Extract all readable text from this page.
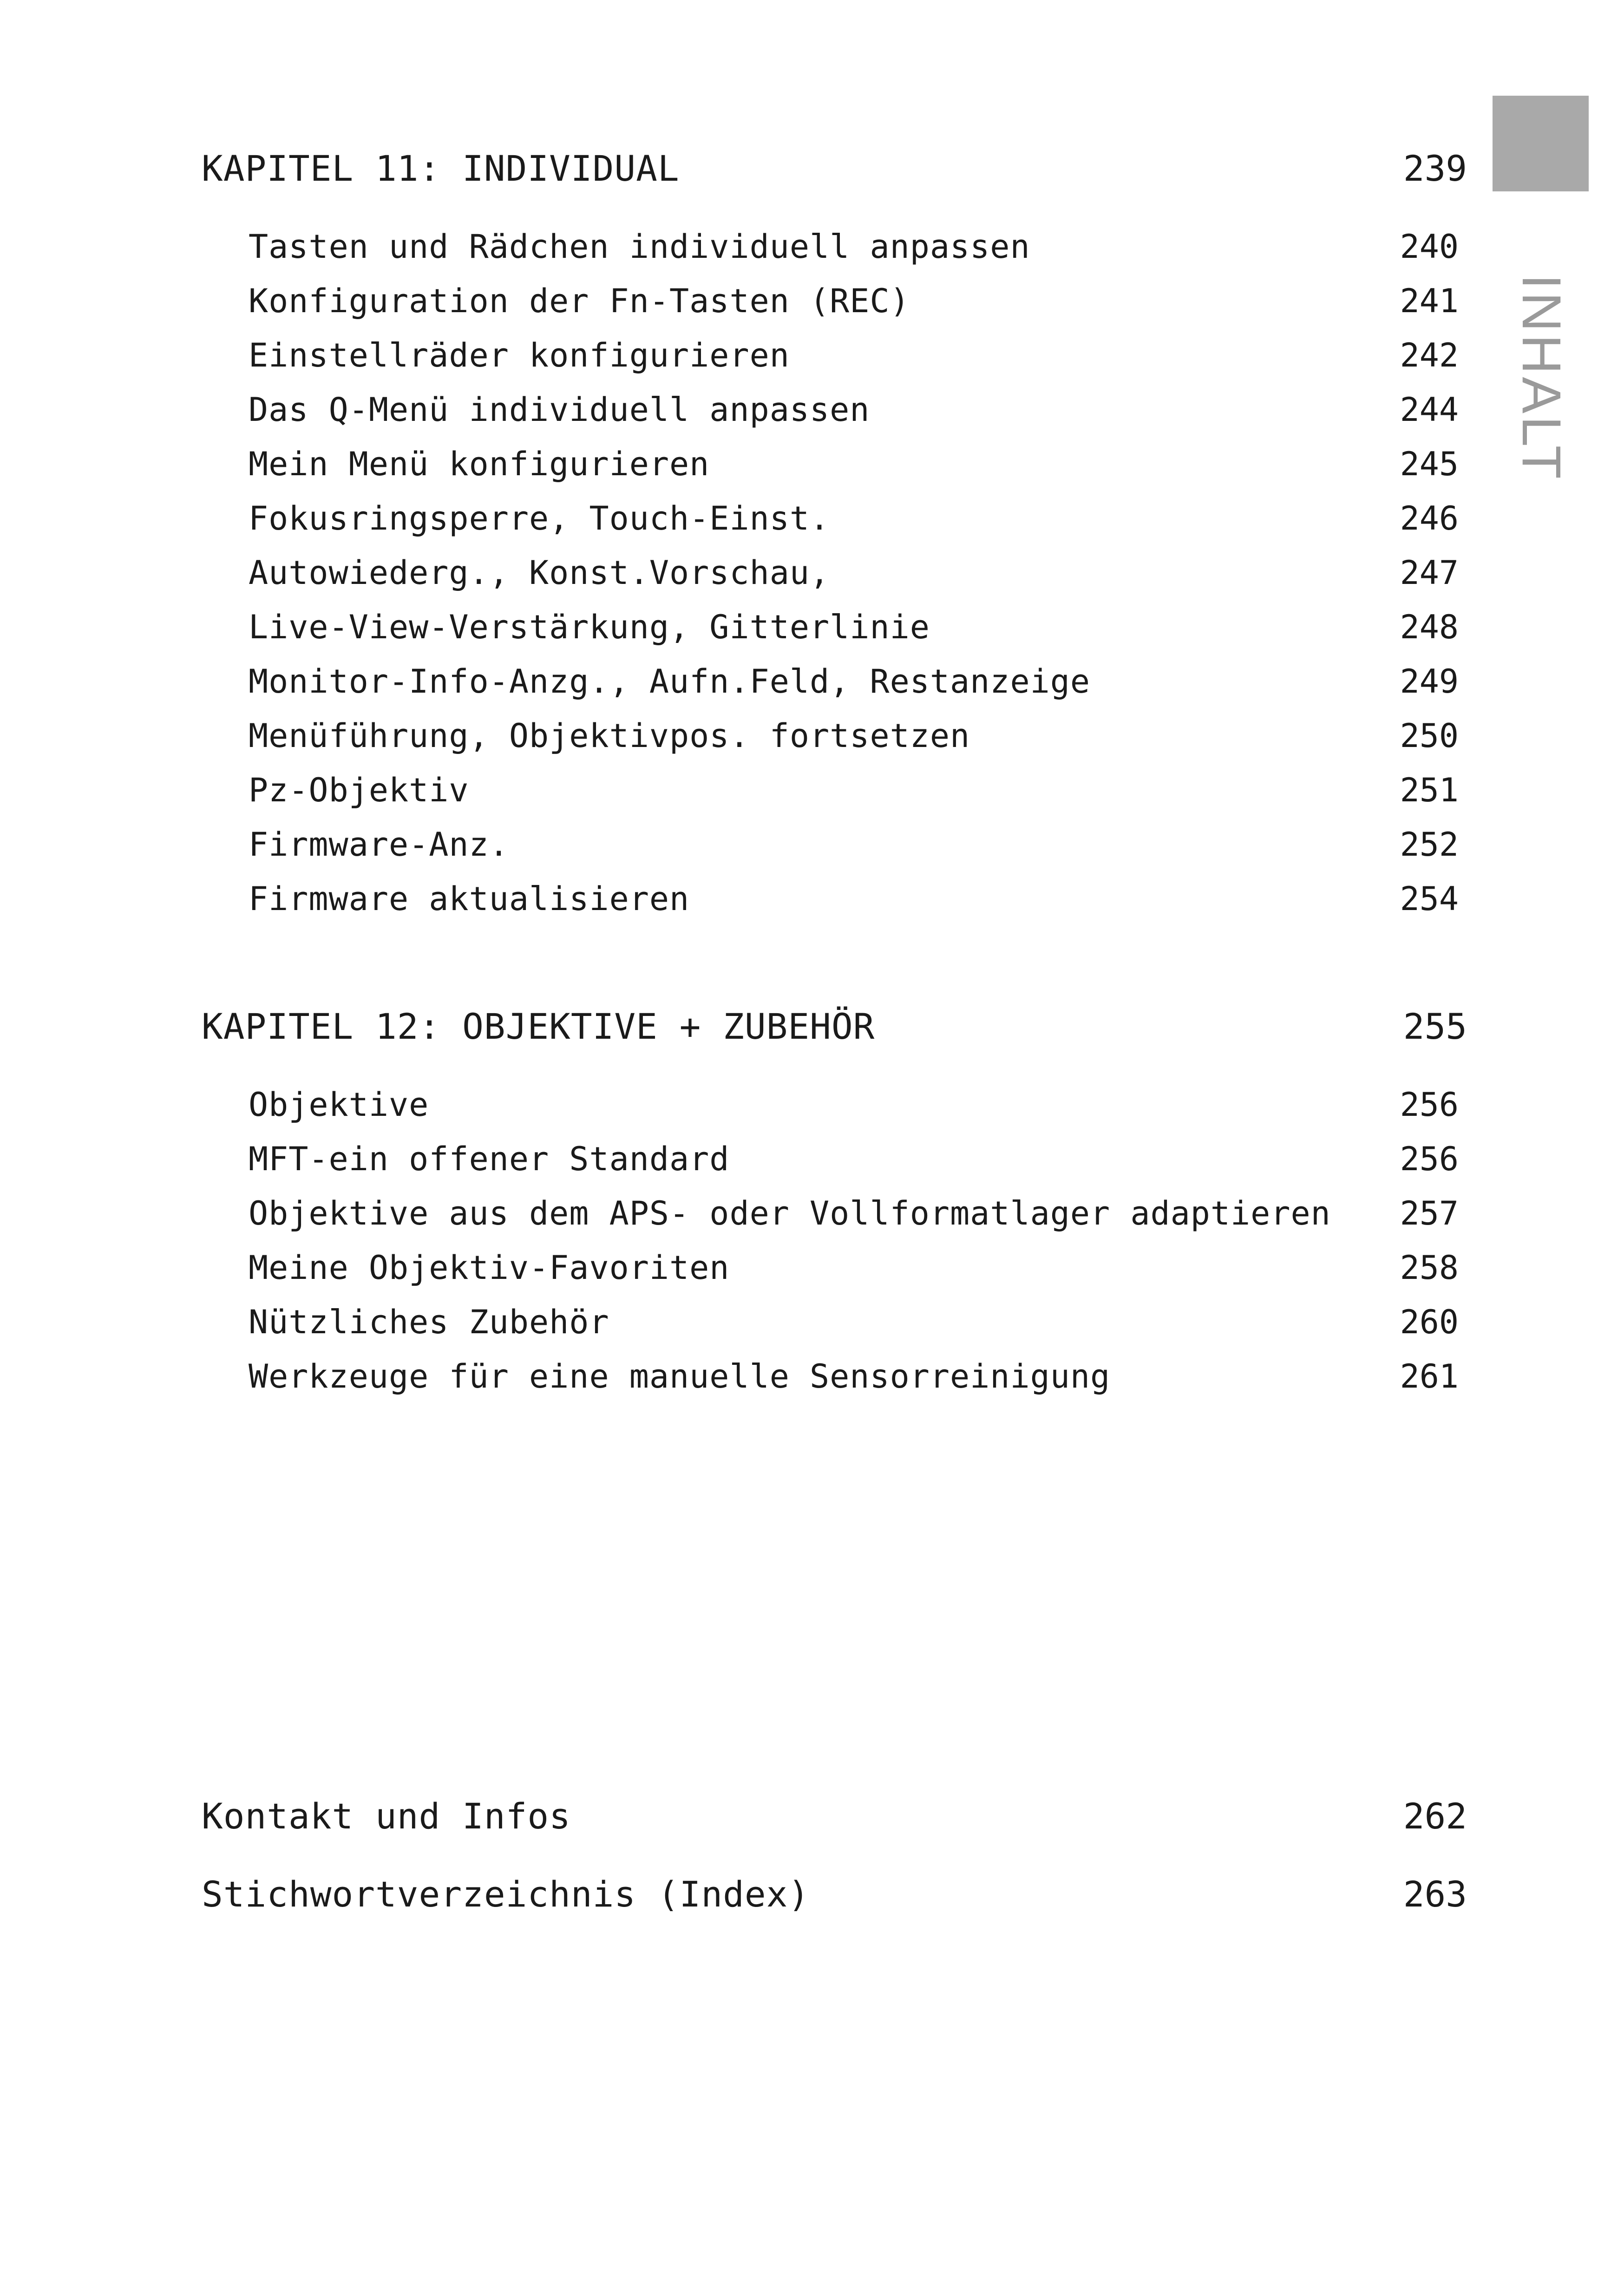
INHALT
KAPITEL 11: INDIVIDUAL	239
Tasten und Rädchen individuell anpassen	240
Konfiguration der Fn-Tasten (REC)	241
Einstellräder konfigurieren	242
Das Q-Menü individuell anpassen	244
Mein Menü konfigurieren	245
Fokusringsperre, Touch-Einst.	246
Autowiederg., Konst.Vorschau,	247
Live-View-Verstärkung, Gitterlinie	248
Monitor-Info-Anzg., Aufn.Feld, Restanzeige	249
Menüführung, Objektivpos. fortsetzen	250
Pz-Objektiv	251
Firmware-Anz.	252
Firmware aktualisieren	254
KAPITEL 12: OBJEKTIVE + ZUBEHÖR	255
Objektive	256
MFT-ein offener Standard	256
Objektive aus dem APS- oder Vollformatlager adaptieren 257
Meine Objektiv-Favoriten	258
Nützliches Zubehör	260
Werkzeuge für eine manuelle Sensorreinigung	261
Kontakt und Infos	262
Stichwortverzeichnis (Index)	263
